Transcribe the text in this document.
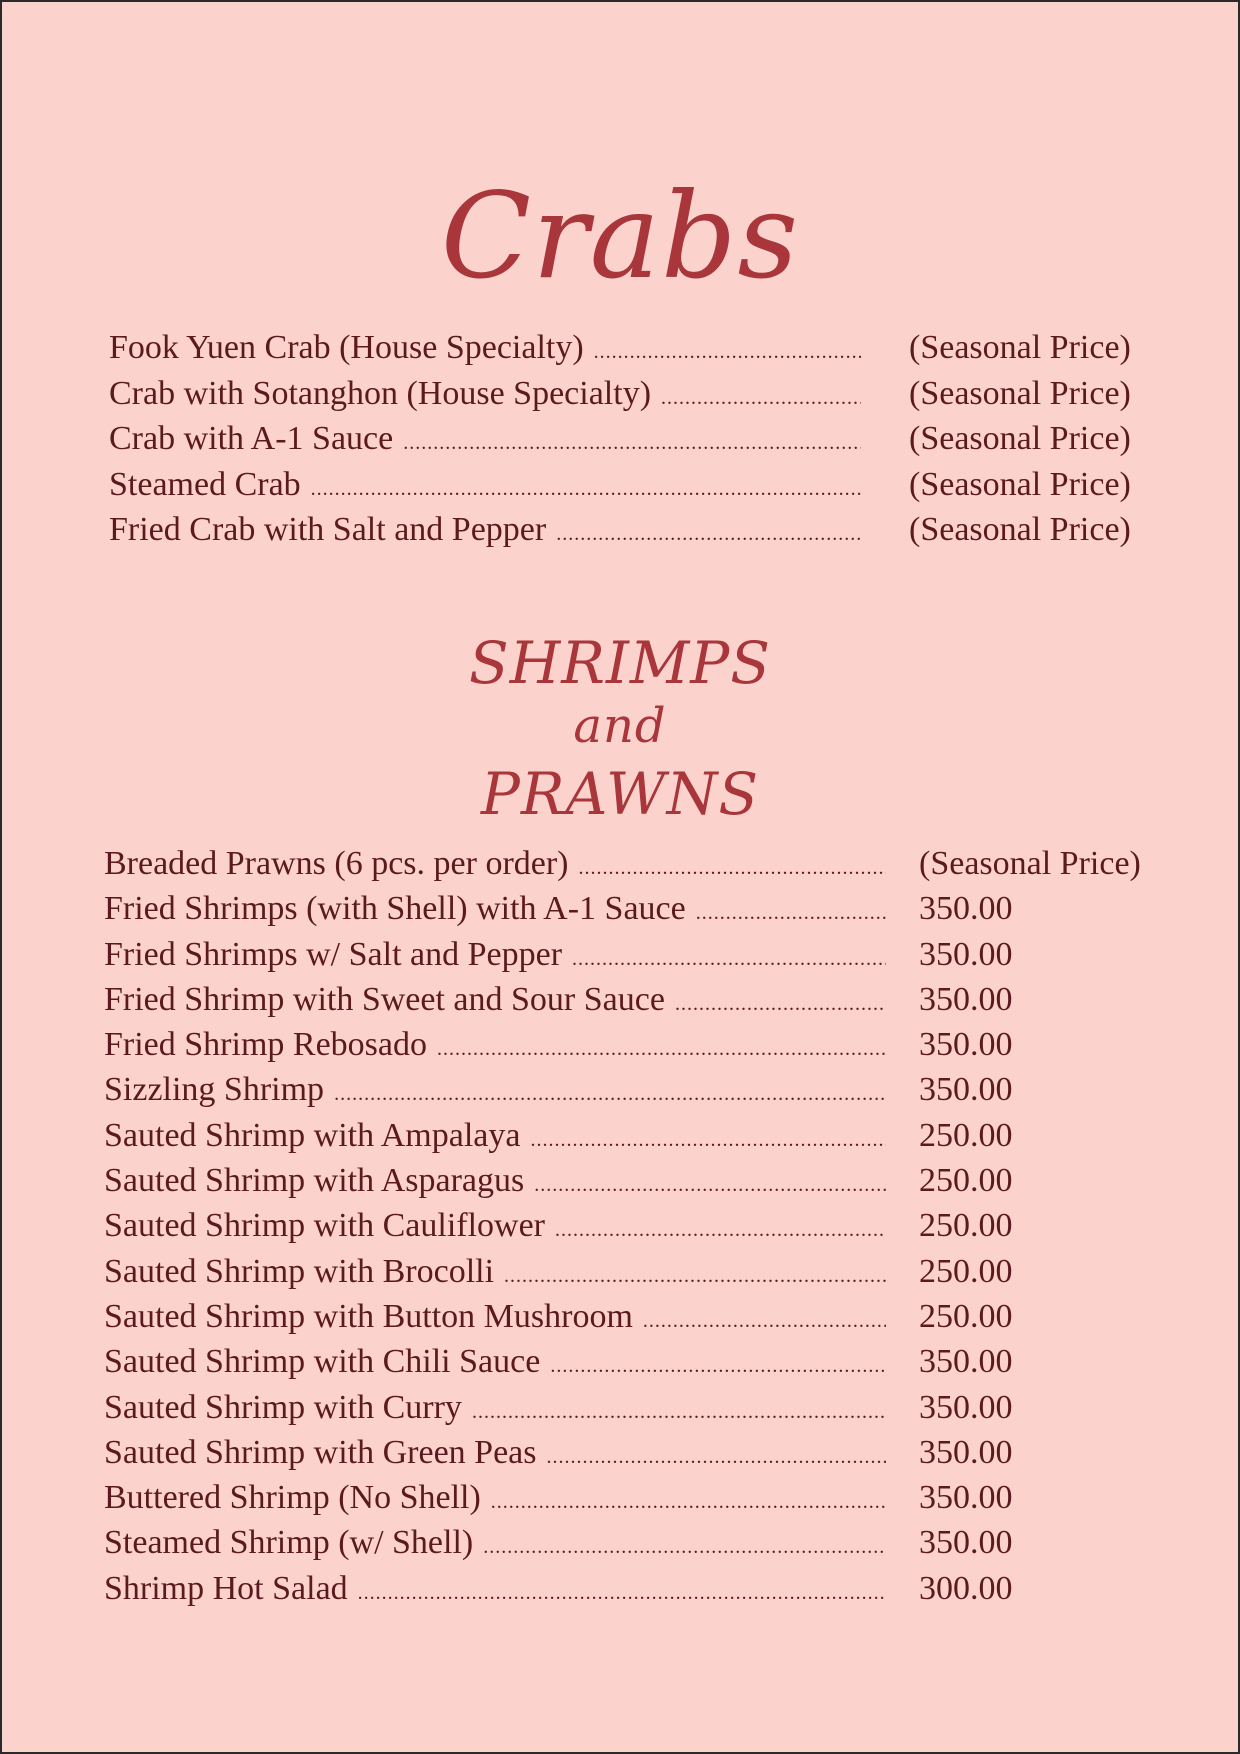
Crabs
Fook Yuen Crab (House Specialty) .....	(Seasonal Price)
Crab with Sotanghon (House Specialty) .....	(Seasonal Price)
Crab with A-1 Sauce .....	(Seasonal Price)
Steamed Crab .....	(Seasonal Price)
Fried Crab with Salt and Pepper .....	(Seasonal Price)
SHRIMPS
and
PRAWNS
Breaded Prawns (6 pcs. per order) .....	(Seasonal Price)
Fried Shrimps (with Shell) with A-1 Sauce .....	350.00
Fried Shrimps w/ Salt and Pepper .....	350.00
Fried Shrimp with Sweet and Sour Sauce .....	350.00
Fried Shrimp Rebosado .....	350.00
Sizzling Shrimp .....	350.00
Sauted Shrimp with Ampalaya .....	250.00
Sauted Shrimp with Asparagus .....	250.00
Sauted Shrimp with Cauliflower .....	250.00
Sauted Shrimp with Brocolli .....	250.00
Sauted Shrimp with Button Mushroom .....	250.00
Sauted Shrimp with Chili Sauce .....	350.00
Sauted Shrimp with Curry .....	350.00
Sauted Shrimp with Green Peas .....	350.00
Buttered Shrimp (No Shell) .....	350.00
Steamed Shrimp (w/ Shell) .....	350.00
Shrimp Hot Salad .....	300.00
